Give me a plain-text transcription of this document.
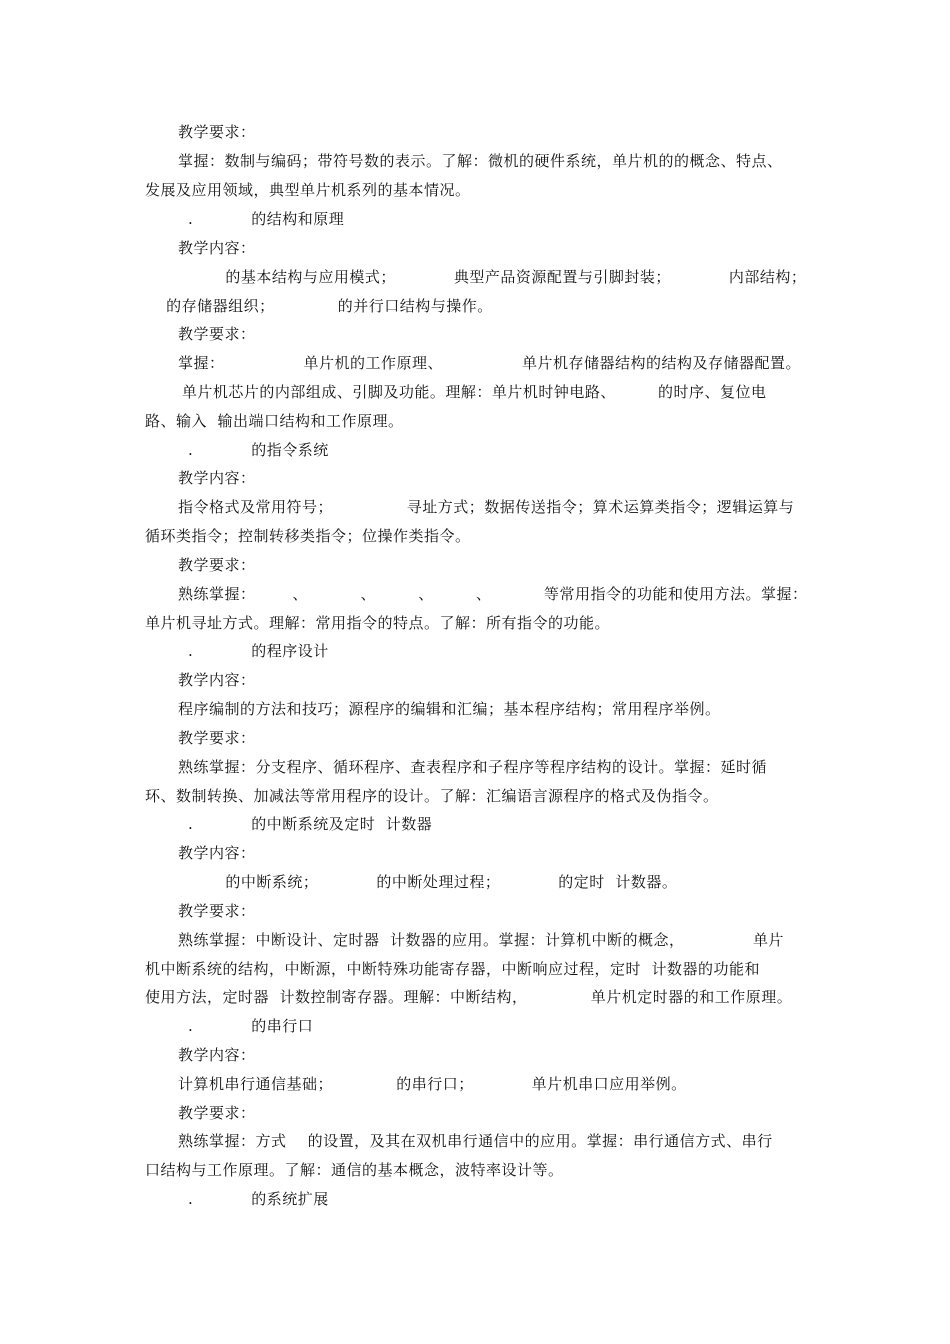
教学要求：
掌握：数制与编码；带符号数的表示。了解：微机的硬件系统，单片机的的概念、特点、
发展及应用领域，典型单片机系列的基本情况。
.           的结构和原理
教学内容：
的基本结构与应用模式；           典型产品资源配置与引脚封装；           内部结构；
的存储器组织；            的并行口结构与操作。
教学要求：
掌握：               单片机的工作原理、               单片机存储器结构的结构及存储器配置。
单片机芯片的内部组成、引脚及功能。理解：单片机时钟电路、        的时序、复位电
路、输入  输出端口结构和工作原理。
.           的指令系统
教学内容：
指令格式及常用符号；              寻址方式；数据传送指令；算术运算类指令；逻辑运算与
循环类指令；控制转移类指令；位操作类指令。
教学要求：
熟练掌握：       、          、        、        、          等常用指令的功能和使用方法。掌握：
单片机寻址方式。理解：常用指令的特点。了解：所有指令的功能。
.           的程序设计
教学内容：
程序编制的方法和技巧；源程序的编辑和汇编；基本程序结构；常用程序举例。
教学要求：
熟练掌握：分支程序、循环程序、查表程序和子程序等程序结构的设计。掌握：延时循
环、数制转换、加减法等常用程序的设计。了解：汇编语言源程序的格式及伪指令。
.           的中断系统及定时  计数器
教学内容：
的中断系统；           的中断处理过程；           的定时  计数器。
教学要求：
熟练掌握：中断设计、定时器  计数器的应用。掌握：计算机中断的概念，             单片
机中断系统的结构，中断源，中断特殊功能寄存器，中断响应过程，定时  计数器的功能和
使用方法，定时器  计数控制寄存器。理解：中断结构，            单片机定时器的和工作原理。
.           的串行口
教学内容：
计算机串行通信基础；            的串行口；           单片机串口应用举例。
教学要求：
熟练掌握：方式    的设置，及其在双机串行通信中的应用。掌握：串行通信方式、串行
口结构与工作原理。了解：通信的基本概念，波特率设计等。
.           的系统扩展
